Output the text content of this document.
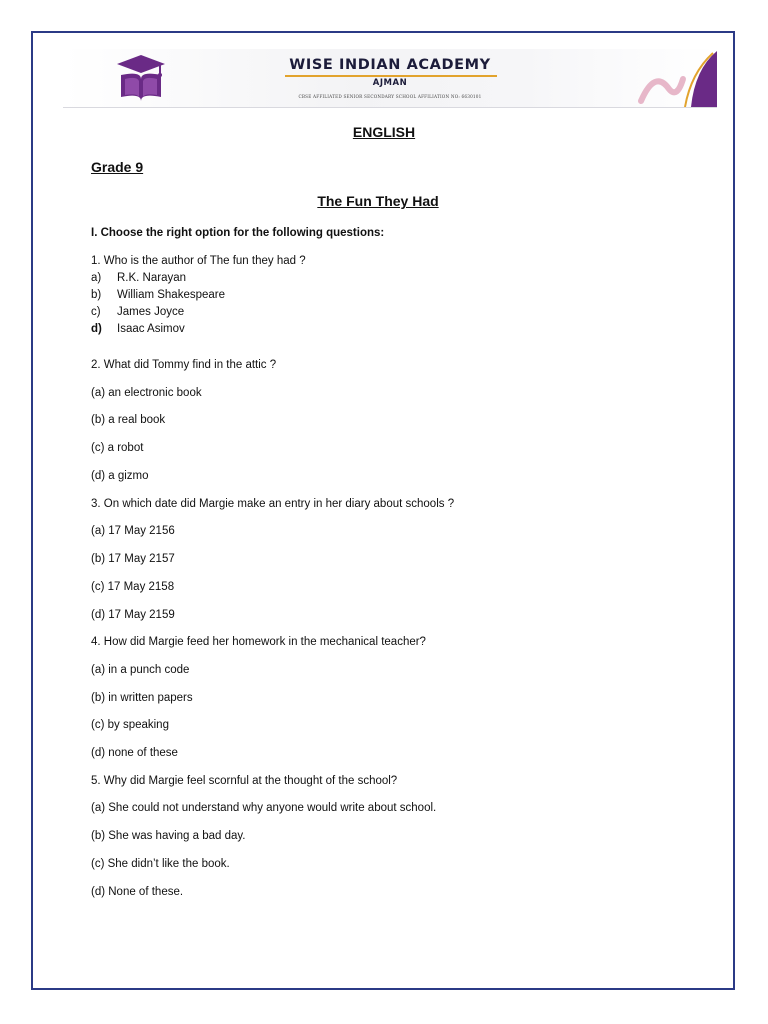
WISE INDIAN ACADEMY
AJMAN
CBSE AFFILIATED SENIOR SECONDARY SCHOOL AFFILIATION NO: 6630101
ENGLISH
Grade 9
The Fun They Had
I. Choose the right option for the following questions:
1. Who is the author of The fun they had ?
a) R.K. Narayan
b) William Shakespeare
c) James Joyce
d) Isaac Asimov
2. What did Tommy find in the attic ?
(a) an electronic book
(b) a real book
(c) a robot
(d) a gizmo
3. On which date did Margie make an entry in her diary about schools ?
(a) 17 May 2156
(b) 17 May 2157
(c) 17 May 2158
(d) 17 May 2159
4. How did Margie feed her homework in the mechanical teacher?
(a) in a punch code
(b) in written papers
(c) by speaking
(d) none of these
5. Why did Margie feel scornful at the thought of the school?
(a) She could not understand why anyone would write about school.
(b) She was having a bad day.
(c) She didn’t like the book.
(d) None of these.
